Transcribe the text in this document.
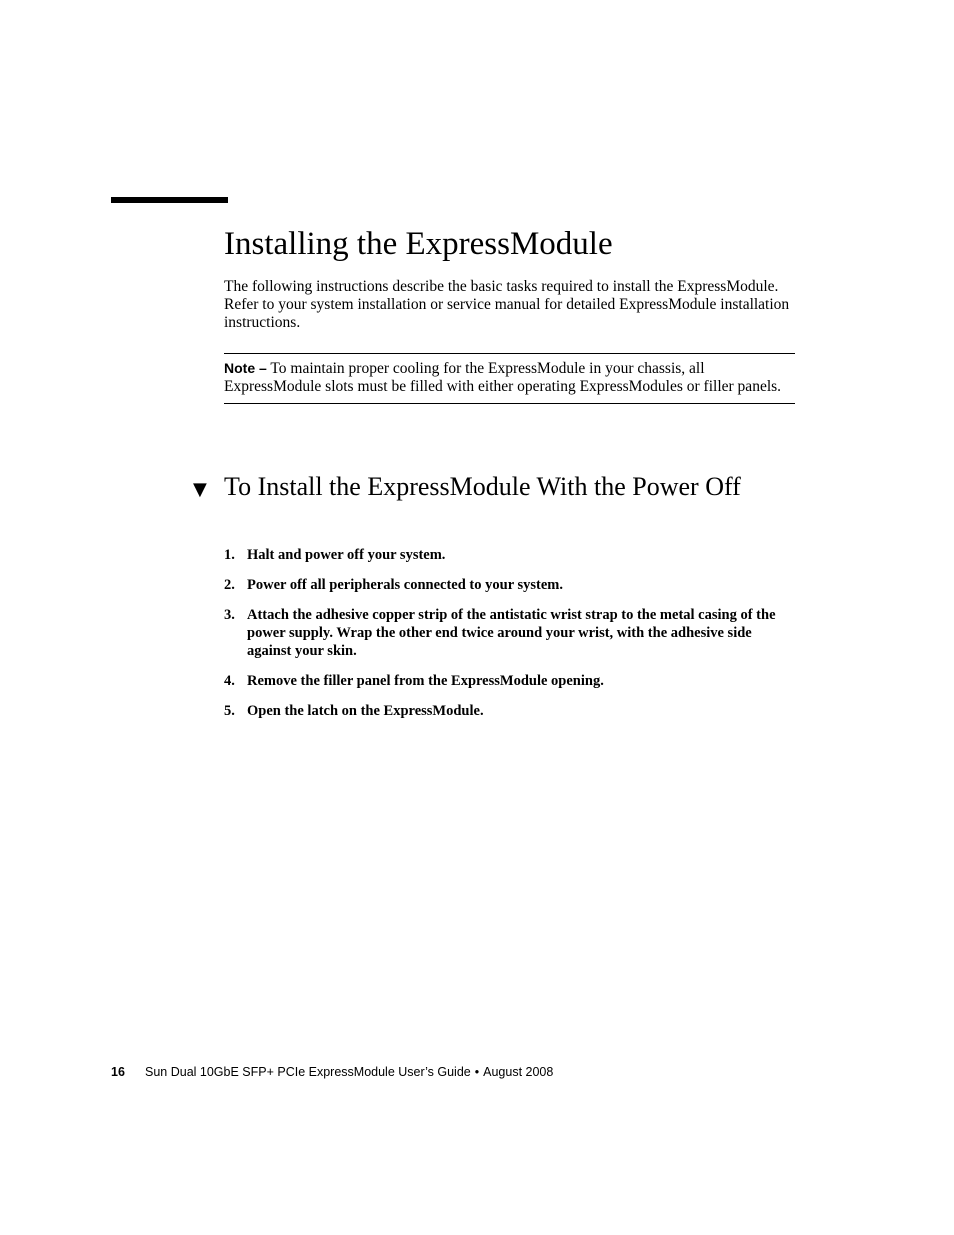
Installing the ExpressModule

The following instructions describe the basic tasks required to install the ExpressModule. Refer to your system installation or service manual for detailed ExpressModule installation instructions.

Note – To maintain proper cooling for the ExpressModule in your chassis, all ExpressModule slots must be filled with either operating ExpressModules or filler panels.
▼ To Install the ExpressModule With the Power Off
1. Halt and power off your system.
2. Power off all peripherals connected to your system.
3. Attach the adhesive copper strip of the antistatic wrist strap to the metal casing of the power supply. Wrap the other end twice around your wrist, with the adhesive side against your skin.
4. Remove the filler panel from the ExpressModule opening.
5. Open the latch on the ExpressModule.
16 Sun Dual 10GbE SFP+ PCIe ExpressModule User’s Guide • August 2008
